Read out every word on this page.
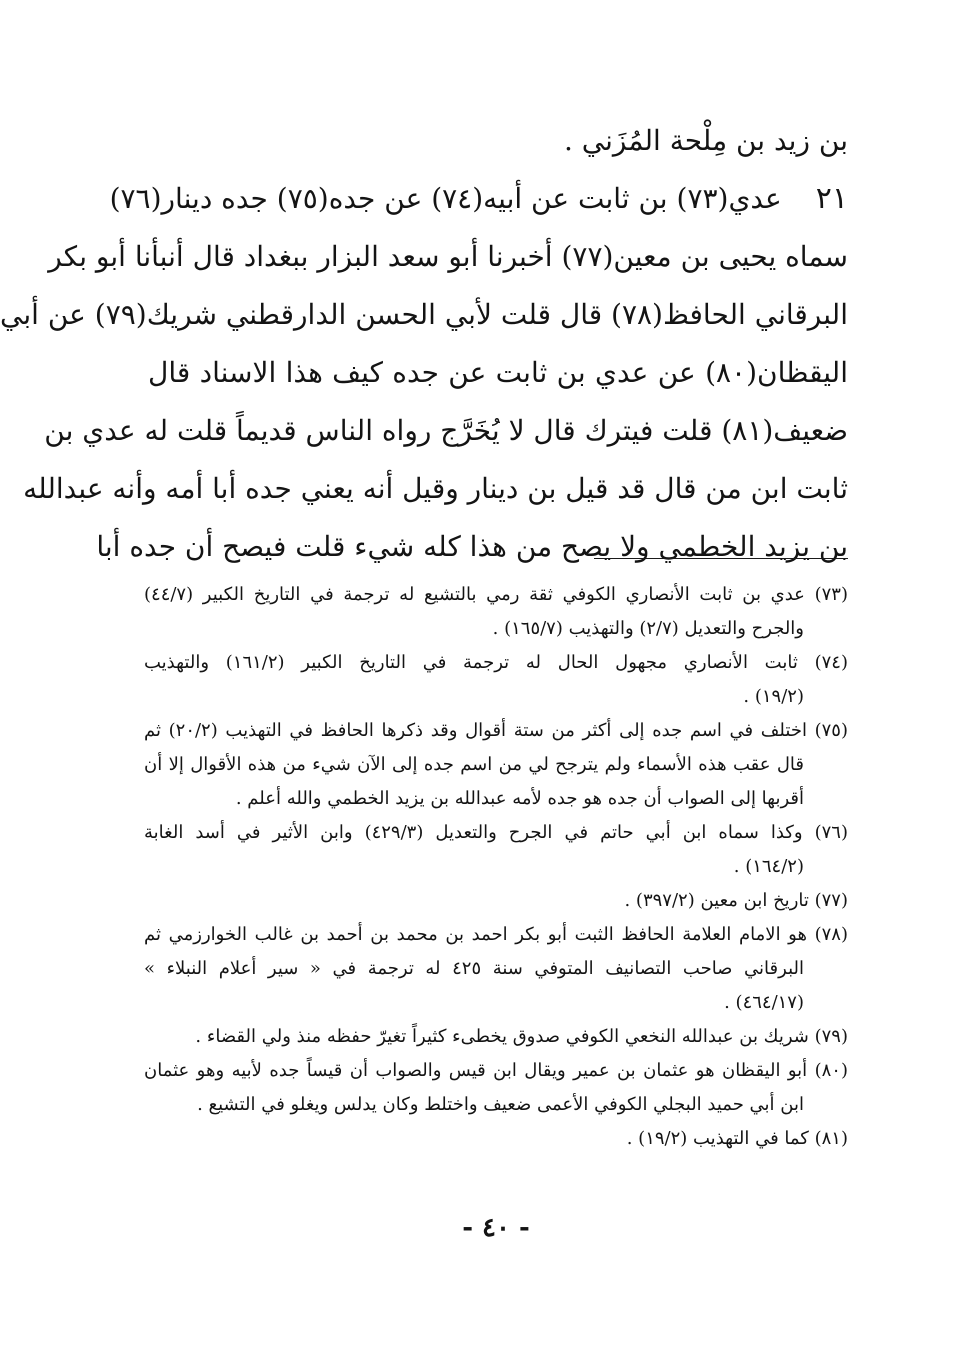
بن زيد بن مِلْحة المُزَني .
٢١عدي(٧٣) بن ثابت عن أبيه(٧٤) عن جده(٧٥) جده دينار(٧٦)
سماه يحيى بن معين(٧٧) أخبرنا أبو سعد البزار ببغداد قال أنبأنا أبو بكر
البرقاني الحافظ(٧٨) قال قلت لأبي الحسن الدارقطني شريك(٧٩) عن أبي
اليقظان(٨٠) عن عدي بن ثابت عن جده كيف هذا الاسناد قال
ضعيف(٨١) قلت فيترك قال لا يُخَرَّج رواه الناس قديماً قلت له عدي بن
ثابت ابن من قال قد قيل بن دينار وقيل أنه يعني جده أبا أمه وأنه عبدالله
بن يزيد الخطمي ولا يصح من هذا كله شيء قلت فيصح أن جده أبا
(٧٣) عدي بن ثابت الأنصاري الكوفي ثقة رمي بالتشيع له ترجمة في التاريخ الكبير (٤٤/٧)
والجرح والتعديل (٢/٧) والتهذيب (١٦٥/٧) .
(٧٤) ثابت الأنصاري مجهول الحال له ترجمة في التاريخ الكبير (١٦١/٢) والتهذيب
(١٩/٢) .
(٧٥) اختلف في اسم جده إلى أكثر من ستة أقوال وقد ذكرها الحافظ في التهذيب (٢٠/٢) ثم
قال عقب هذه الأسماء ولم يترجح لي من اسم جده إلى الآن شيء من هذه الأقوال إلا أن
أقربها إلى الصواب أن جده هو جده لأمه عبدالله بن يزيد الخطمي والله أعلم .
(٧٦) وكذا سماه ابن أبي حاتم في الجرح والتعديل (٤٢٩/٣) وابن الأثير في أسد الغابة
(١٦٤/٢) .
(٧٧) تاريخ ابن معين (٣٩٧/٢) .
(٧٨) هو الامام العلامة الحافظ الثبت أبو بكر احمد بن محمد بن أحمد بن غالب الخوارزمي ثم
البرقاني صاحب التصانيف المتوفي سنة ٤٢٥ له ترجمة في « سير أعلام النبلاء »
(٤٦٤/١٧) .
(٧٩) شريك بن عبدالله النخعي الكوفي صدوق يخطىء كثيراً تغيرّ حفظه منذ ولي القضاء .
(٨٠) أبو اليقظان هو عثمان بن عمير ويقال ابن قيس والصواب أن قيساً جده لأبيه وهو عثمان
ابن أبي حميد البجلي الكوفي الأعمى ضعيف واختلط وكان يدلس ويغلو في التشيع .
(٨١) كما في التهذيب (١٩/٢) .
- ٤٠ -
